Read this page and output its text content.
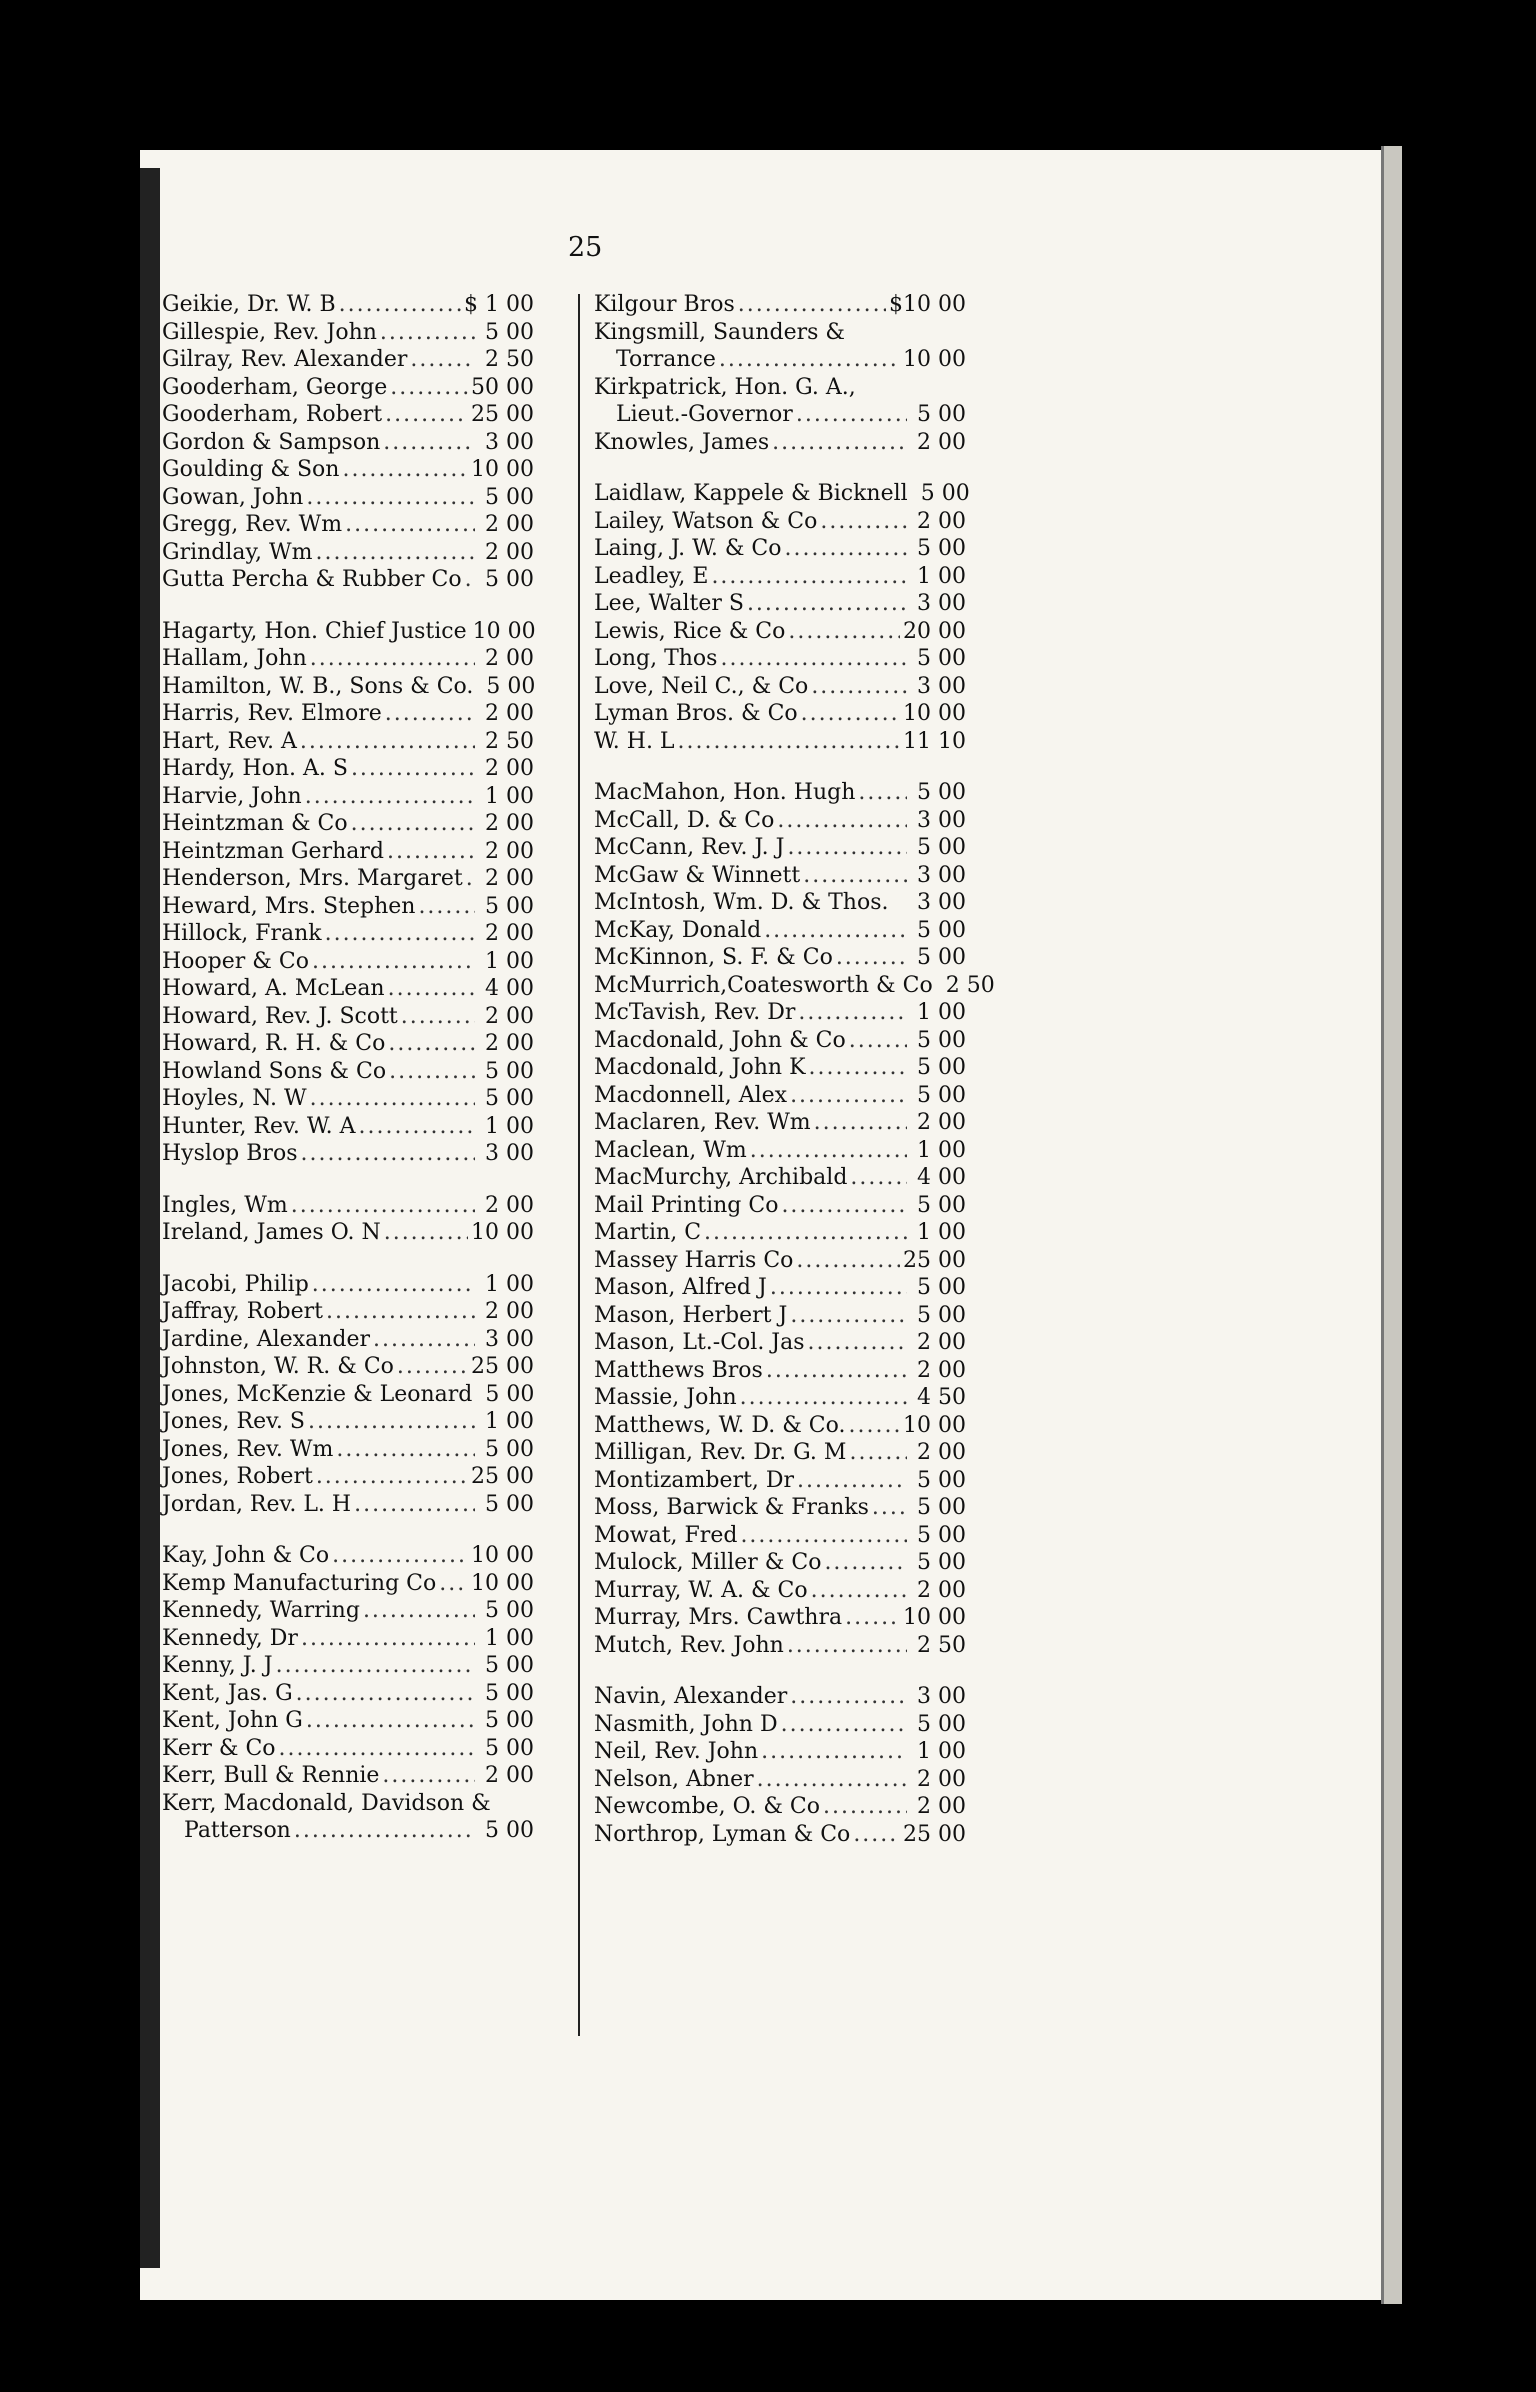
25
Geikie, Dr. W. B .....	$ 1 00
Gillespie, Rev. John .....	5 00
Gilray, Rev. Alexander .....	2 50
Gooderham, George .....	50 00
Gooderham, Robert .....	25 00
Gordon & Sampson .....	3 00
Goulding & Son .....	10 00
Gowan, John .....	5 00
Gregg, Rev. Wm .....	2 00
Grindlay, Wm .....	2 00
Gutta Percha & Rubber Co .....	5 00
Hagarty, Hon. Chief Justice 10 00
Hallam, John .....	2 00
Hamilton, W. B., Sons & Co. 5 00
Harris, Rev. Elmore .....	2 00
Hart, Rev. A .....	2 50
Hardy, Hon. A. S .....	2 00
Harvie, John .....	1 00
Heintzman & Co .....	2 00
Heintzman Gerhard .....	2 00
Henderson, Mrs. Margaret .....	2 00
Heward, Mrs. Stephen .....	5 00
Hillock, Frank .....	2 00
Hooper & Co .....	1 00
Howard, A. McLean .....	4 00
Howard, Rev. J. Scott .....	2 00
Howard, R. H. & Co .....	2 00
Howland Sons & Co .....	5 00
Hoyles, N. W .....	5 00
Hunter, Rev. W. A .....	1 00
Hyslop Bros .....	3 00
Ingles, Wm .....	2 00
Ireland, James O. N .....	10 00
Jacobi, Philip .....	1 00
Jaffray, Robert .....	2 00
Jardine, Alexander .....	3 00
Johnston, W. R. & Co .....	25 00
Jones, McKenzie & Leonard 5 00
Jones, Rev. S .....	1 00
Jones, Rev. Wm .....	5 00
Jones, Robert .....	25 00
Jordan, Rev. L. H .....	5 00
Kay, John & Co .....	10 00
Kemp Manufacturing Co ..... 10 00
Kennedy, Warring .....	5 00
Kennedy, Dr .....	1 00
Kenny, J. J .....	5 00
Kent, Jas. G .....	5 00
Kent, John G .....	5 00
Kerr & Co .....	5 00
Kerr, Bull & Rennie .....	2 00
Kerr, Macdonald, Davidson &
Patterson .....	5 00
Kilgour Bros .....	$10 00
Kingsmill, Saunders &
Torrance .....	10 00
Kirkpatrick, Hon. G. A.,
Lieut.-Governor .....	5 00
Knowles, James .....	2 00
Laidlaw, Kappele & Bicknell 5 00
Lailey, Watson & Co .....	2 00
Laing, J. W. & Co .....	5 00
Leadley, E .....	1 00
Lee, Walter S .....	3 00
Lewis, Rice & Co .....	20 00
Long, Thos .....	5 00
Love, Neil C., & Co .....	3 00
Lyman Bros. & Co .....	10 00
W. H. L .....	11 10
MacMahon, Hon. Hugh .....	5 00
McCall, D. & Co .....	3 00
McCann, Rev. J. J .....	5 00
McGaw & Winnett .....	3 00
McIntosh, Wm. D. & Thos.	3 00
McKay, Donald .....	5 00
McKinnon, S. F. & Co .....	5 00
McMurrich,Coatesworth & Co 2 50
McTavish, Rev. Dr .....	1 00
Macdonald, John & Co .....	5 00
Macdonald, John K .....	5 00
Macdonnell, Alex .....	5 00
Maclaren, Rev. Wm .....	2 00
Maclean, Wm .....	1 00
MacMurchy, Archibald .....	4 00
Mail Printing Co .....	5 00
Martin, C .....	1 00
Massey Harris Co .....	25 00
Mason, Alfred J .....	5 00
Mason, Herbert J .....	5 00
Mason, Lt.-Col. Jas .....	2 00
Matthews Bros .....	2 00
Massie, John .....	4 50
Matthews, W. D. & Co. .....	10 00
Milligan, Rev. Dr. G. M .....	2 00
Montizambert, Dr .....	5 00
Moss, Barwick & Franks .....	5 00
Mowat, Fred .....	5 00
Mulock, Miller & Co .....	5 00
Murray, W. A. & Co .....	2 00
Murray, Mrs. Cawthra .....	10 00
Mutch, Rev. John .....	2 50
Navin, Alexander .....	3 00
Nasmith, John D .....	5 00
Neil, Rev. John .....	1 00
Nelson, Abner .....	2 00
Newcombe, O. & Co .....	2 00
Northrop, Lyman & Co ..... 25 00
